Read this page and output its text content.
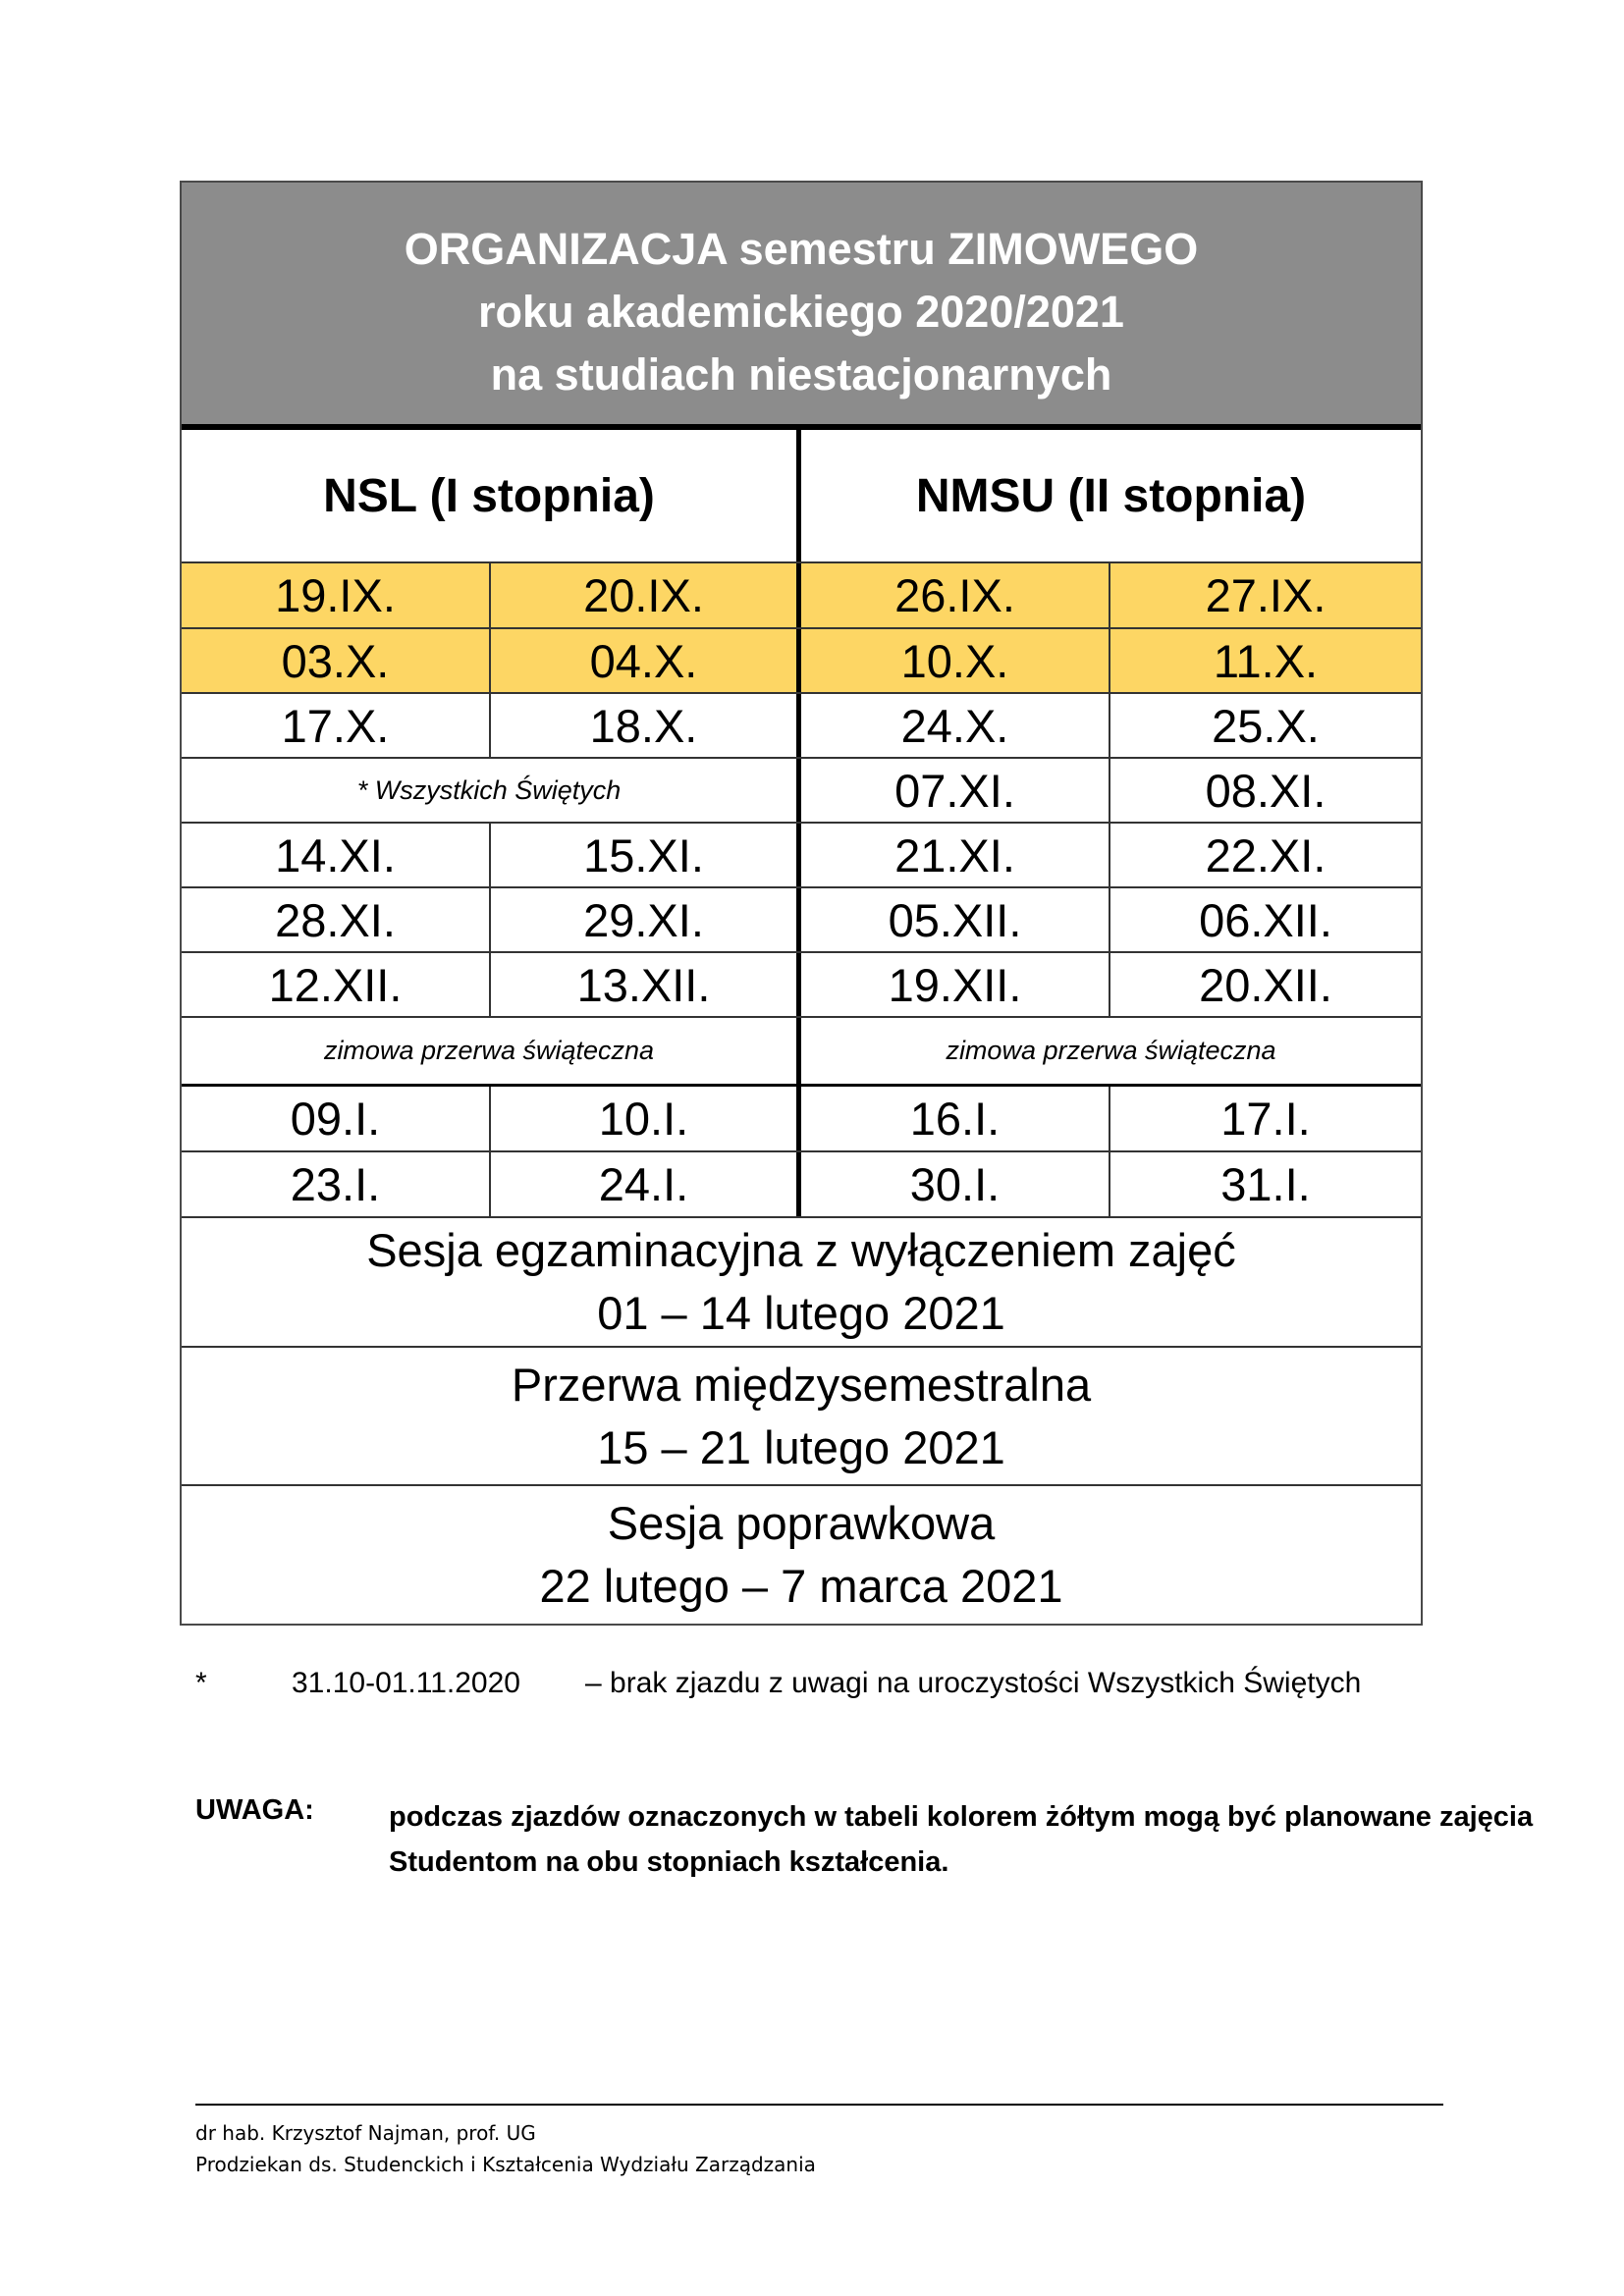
ORGANIZACJA semestru ZIMOWEGO
roku akademickiego 2020/2021
na studiach niestacjonarnych
NSL (I stopnia)	NMSU (II stopnia)
19.IX.	20.IX.	26.IX.	27.IX.
03.X.	04.X.	10.X.	11.X.
17.X.	18.X.	24.X.	25.X.
* Wszystkich Świętych	07.XI.	08.XI.
14.XI.	15.XI.	21.XI.	22.XI.
28.XI.	29.XI.	05.XII.	06.XII.
12.XII.	13.XII.	19.XII.	20.XII.
zimowa przerwa świąteczna	zimowa przerwa świąteczna
09.I.	10.I.	16.I.	17.I.
23.I.	24.I.	30.I.	31.I.
Sesja egzaminacyjna z wyłączeniem zajęć
01 – 14 lutego 2021
Przerwa międzysemestralna
15 – 21 lutego 2021
Sesja poprawkowa
22 lutego – 7 marca 2021
*	31.10-01.11.2020 – brak zjazdu z uwagi na uroczystości Wszystkich Świętych
UWAGA:	podczas zjazdów oznaczonych w tabeli kolorem żółtym mogą być planowane zajęcia
Studentom na obu stopniach kształcenia.
dr hab. Krzysztof Najman, prof. UG
Prodziekan ds. Studenckich i Kształcenia Wydziału Zarządzania
